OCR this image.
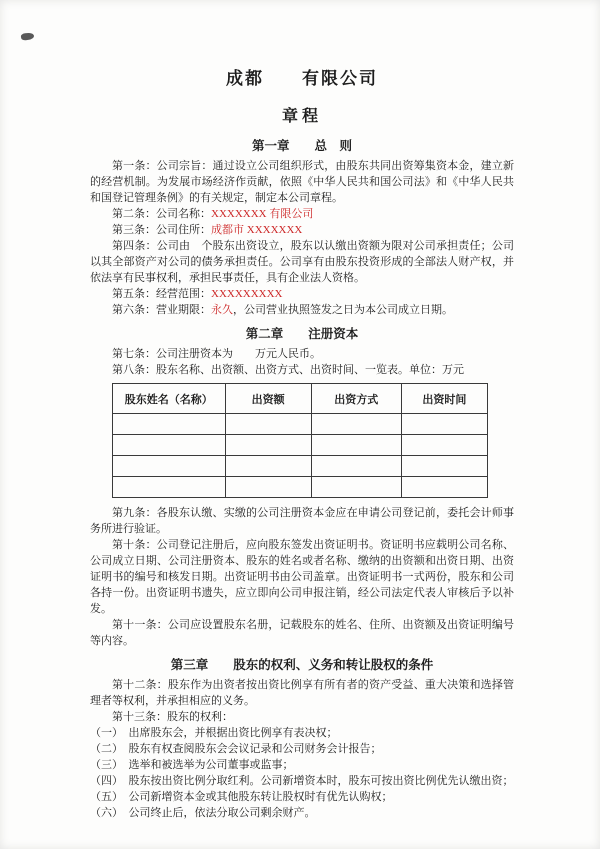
成都　　有限公司
章程
第一章　　总　则

第一条：公司宗旨：通过设立公司组织形式，由股东共同出资筹集资本金，建立新的经营机制。为发展市场经济作贡献，依照《中华人民共和国公司法》和《中华人民共和国登记管理条例》的有关规定，制定本公司章程。

第二条：公司名称：XXXXXXX 有限公司

第三条：公司住所：成都市 XXXXXXX

第四条：公司由　个股东出资设立，股东以认缴出资额为限对公司承担责任；公司以其全部资产对公司的债务承担责任。公司享有由股东投资形成的全部法人财产权，并依法享有民事权利，承担民事责任，具有企业法人资格。

第五条：经营范围：XXXXXXXXX

第六条：营业期限：永久，公司营业执照签发之日为本公司成立日期。

第二章　　注册资本

第七条：公司注册资本为　　万元人民币。

第八条：股东名称、出资额、出资方式、出资时间、一览表。单位：万元

股东姓名（名称）	出资额	出资方式	出资时间

第九条：各股东认缴、实缴的公司注册资本金应在申请公司登记前，委托会计师事务所进行验证。

第十条：公司登记注册后，应向股东签发出资证明书。资证明书应载明公司名称、公司成立日期、公司注册资本、股东的姓名或者名称、缴纳的出资额和出资日期、出资证明书的编号和核发日期。出资证明书由公司盖章。出资证明书一式两份，股东和公司各持一份。出资证明书遗失，应立即向公司申报注销，经公司法定代表人审核后予以补发。

第十一条：公司应设置股东名册，记载股东的姓名、住所、出资额及出资证明编号等内容。

第三章　　股东的权利、义务和转让股权的条件

第十二条：股东作为出资者按出资比例享有所有者的资产受益、重大决策和选择管理者等权利，并承担相应的义务。

第十三条：股东的权利：

（一）　出席股东会，并根据出资比例享有表决权；

（二）　股东有权查阅股东会会议记录和公司财务会计报告；

（三）　选举和被选举为公司董事或监事；

（四）　股东按出资比例分取红利。公司新增资本时，股东可按出资比例优先认缴出资；

（五）　公司新增资本金或其他股东转让股权时有优先认购权；

（六）　公司终止后，依法分取公司剩余财产。
